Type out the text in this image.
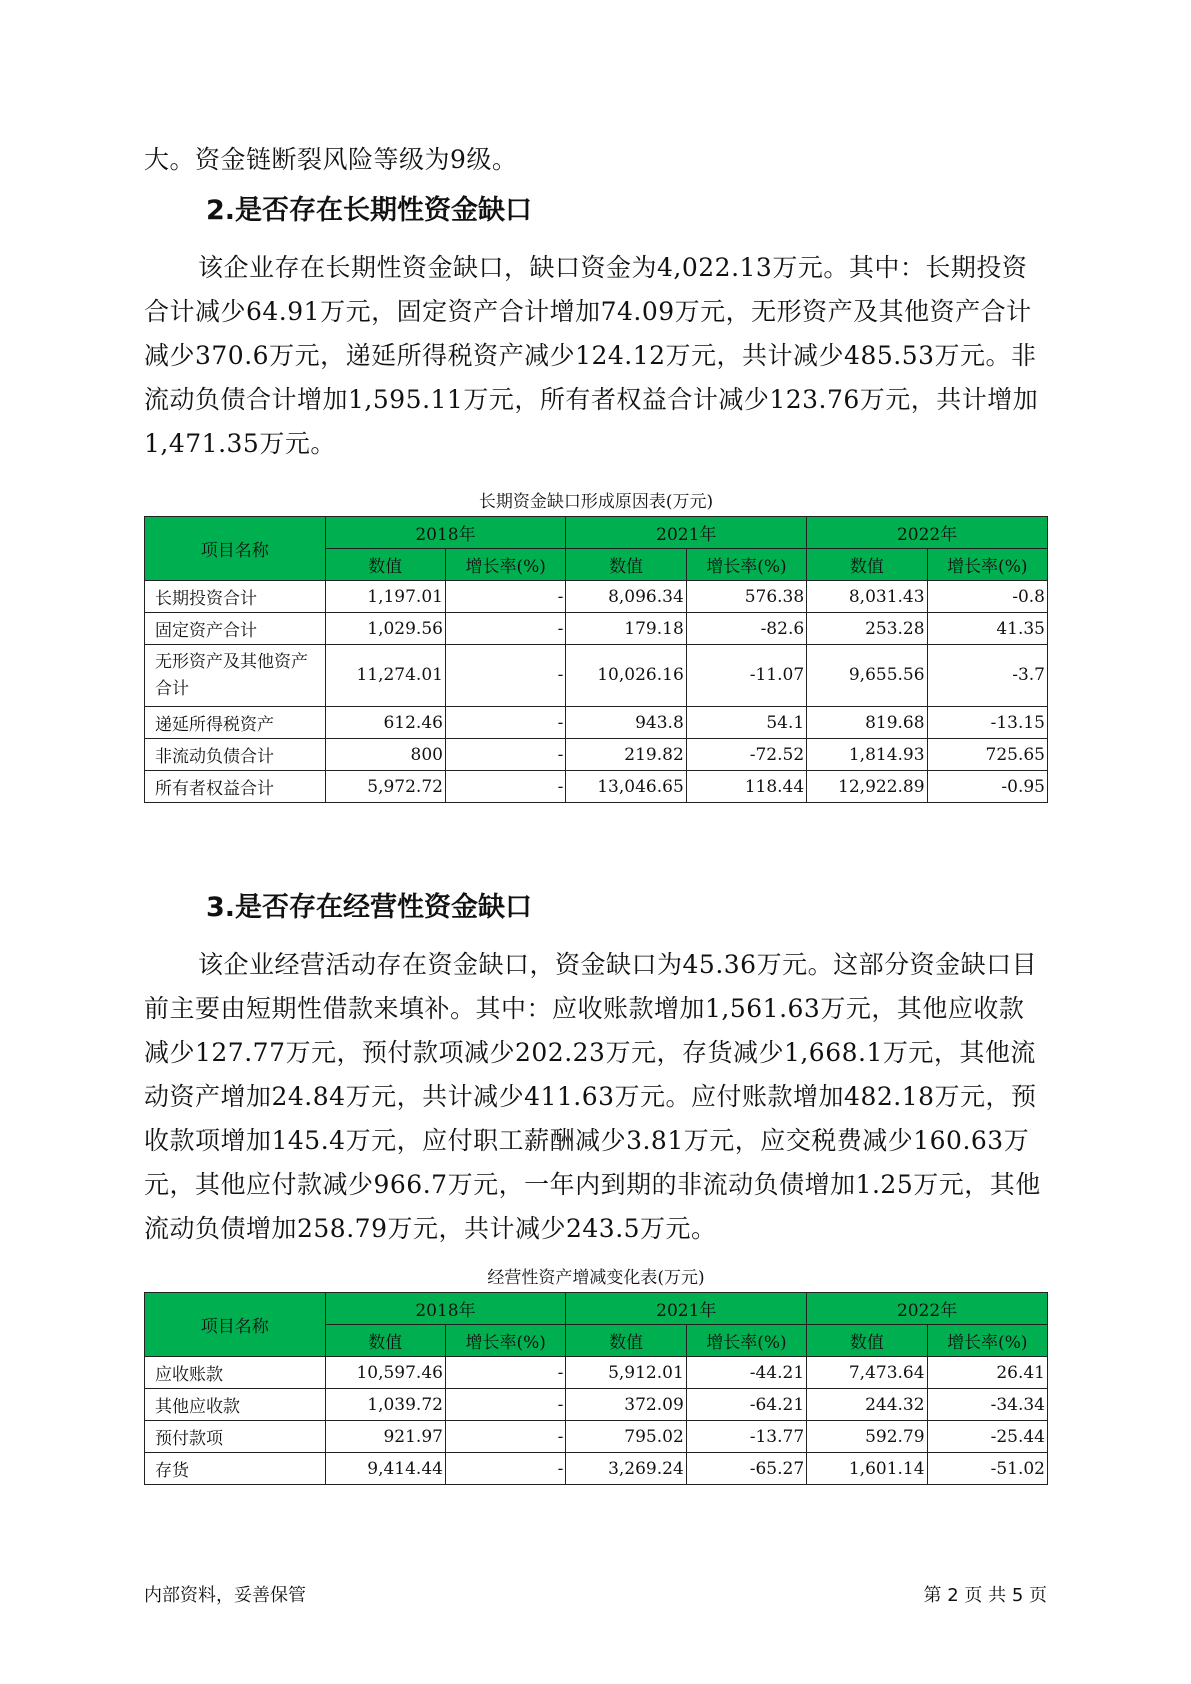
大。资金链断裂风险等级为9级。

2.是否存在长期性资金缺口

该企业存在长期性资金缺口，缺口资金为4,022.13万元。其中：长期投资合计减少64.91万元，固定资产合计增加74.09万元，无形资产及其他资产合计减少370.6万元，递延所得税资产减少124.12万元，共计减少485.53万元。非流动负债合计增加1,595.11万元，所有者权益合计减少123.76万元，共计增加1,471.35万元。

长期资金缺口形成原因表(万元)

项目名称	2018年		2021年		2022年	
	数值	增长率(%)	数值	增长率(%)	数值	增长率(%)
长期投资合计	1,197.01	-	8,096.34	576.38	8,031.43	-0.8
固定资产合计	1,029.56	-	179.18	-82.6	253.28	41.35
无形资产及其他资产合计	11,274.01	-	10,026.16	-11.07	9,655.56	-3.7
递延所得税资产	612.46	-	943.8	54.1	819.68	-13.15
非流动负债合计	800	-	219.82	-72.52	1,814.93	725.65
所有者权益合计	5,972.72	-	13,046.65	118.44	12,922.89	-0.95
3.是否存在经营性资金缺口

该企业经营活动存在资金缺口，资金缺口为45.36万元。这部分资金缺口目前主要由短期性借款来填补。其中：应收账款增加1,561.63万元，其他应收款减少127.77万元，预付款项减少202.23万元，存货减少1,668.1万元，其他流动资产增加24.84万元，共计减少411.63万元。应付账款增加482.18万元，预收款项增加145.4万元，应付职工薪酬减少3.81万元，应交税费减少160.63万元，其他应付款减少966.7万元，一年内到期的非流动负债增加1.25万元，其他流动负债增加258.79万元，共计减少243.5万元。

经营性资产增减变化表(万元)

项目名称	2018年		2021年		2022年	
	数值	增长率(%)	数值	增长率(%)	数值	增长率(%)
应收账款	10,597.46	-	5,912.01	-44.21	7,473.64	26.41
其他应收款	1,039.72	-	372.09	-64.21	244.32	-34.34
预付款项	921.97	-	795.02	-13.77	592.79	-25.44
存货	9,414.44	-	3,269.24	-65.27	1,601.14	-51.02

内部资料，妥善保管	第 2 页 共 5 页
